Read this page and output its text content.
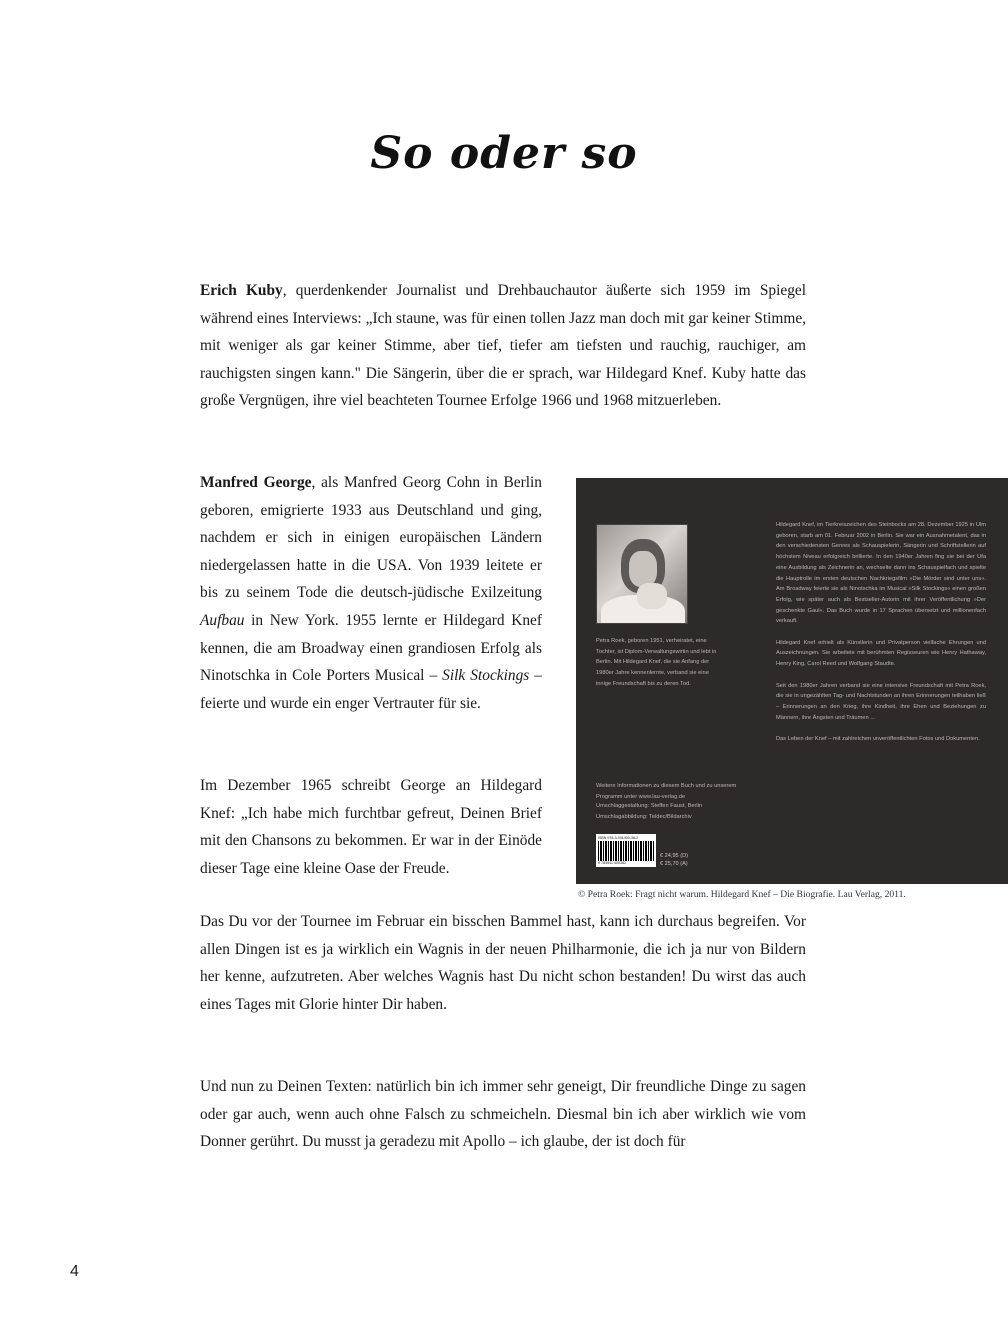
So oder so

Erich Kuby, querdenkender Journalist und Drehbauchautor äußerte sich 1959 im Spiegel während eines Interviews: „Ich staune, was für einen tollen Jazz man doch mit gar keiner Stimme, mit weniger als gar keiner Stimme, aber tief, tiefer am tiefsten und rauchig, rauchiger, am rauchigsten singen kann." Die Sängerin, über die er sprach, war Hildegard Knef. Kuby hatte das große Vergnügen, ihre viel beachteten Tournee Erfolge 1966 und 1968 mitzuerleben.

Manfred George, als Manfred Georg Cohn in Berlin geboren, emigrierte 1933 aus Deutschland und ging, nachdem er sich in einigen europäischen Ländern niedergelassen hatte in die USA. Von 1939 leitete er bis zu seinem Tode die deutsch-jüdische Exilzeitung Aufbau in New York. 1955 lernte er Hildegard Knef kennen, die am Broadway einen grandiosen Erfolg als Ninotschka in Cole Porters Musical – Silk Stockings – feierte und wurde ein enger Vertrauter für sie.

Im Dezember 1965 schreibt George an Hildegard Knef: „Ich habe mich furchtbar gefreut, Deinen Brief mit den Chansons zu bekommen. Er war in der Einöde dieser Tage eine kleine Oase der Freude.

Das Du vor der Tournee im Februar ein bisschen Bammel hast, kann ich durchaus begreifen. Vor allen Dingen ist es ja wirklich ein Wagnis in der neuen Philharmonie, die ich ja nur von Bildern her kenne, aufzutreten. Aber welches Wagnis hast Du nicht schon bestanden! Du wirst das auch eines Tages mit Glorie hinter Dir haben.

Und nun zu Deinen Texten: natürlich bin ich immer sehr geneigt, Dir freundliche Dinge zu sagen oder gar auch, wenn auch ohne Falsch zu schmeicheln. Diesmal bin ich aber wirklich wie vom Donner gerührt. Du musst ja geradezu mit Apollo – ich glaube, der ist doch für

Petra Roek, geboren 1951, verheiratet, eine Tochter, ist Diplom-Verwaltungswirtin und lebt in Berlin. Mit Hildegard Knef, die sie Anfang der 1980er Jahre kennenlernte, verband sie eine innige Freundschaft bis zu deren Tod.
Weitere Informationen zu diesem Buch und zu unserem Programm unter www.lau-verlag.de
Umschlaggestaltung: Steffen Faust, Berlin Umschlagabbildung: Teldec/Bildarchiv

Hildegard Knef, im Tierkreiszeichen des Steinbocks am 28. Dezember 1925 in Ulm geboren, starb am 01. Februar 2002 in Berlin. Sie war ein Ausnahmetalent, das in den verschiedensten Genres als Schauspielerin, Sängerin und Schriftstellerin auf höchstem Niveau erfolgreich brillierte. In den 1940er Jahren fing sie bei der Ufa eine Ausbildung als Zeichnerin an, wechselte dann ins Schauspielfach und spielte die Hauptrolle im ersten deutschen Nachkriegsfilm »Die Mörder sind unter uns«. Am Broadway feierte sie als Ninotschka im Musical »Silk Stockings« einen großen Erfolg, wie später auch als Bestseller-Autorin mit ihrer Veröffentlichung »Der geschenkte Gaul«. Das Buch wurde in 17 Sprachen übersetzt und millionenfach verkauft.

Hildegard Knef erhielt als Künstlerin und Privatperson vielfache Ehrungen und Auszeichnungen. Sie arbeitete mit berühmten Regisseuren wie Henry Hathaway, Henry King, Carol Reed und Wolfgang Staudte.

Seit den 1980er Jahren verband sie eine intensive Freundschaft mit Petra Roek, die sie in ungezählten Tag- und Nachtstunden an ihren Erinnerungen teilhaben ließ – Erinnerungen an den Krieg, ihre Kindheit, ihre Ehen und Beziehungen zu Männern, ihre Ängsten und Träumen ...

Das Leben der Knef – mit zahlreichen unveröffentlichten Fotos und Dokumenten.

ISBN 978-3-941400-38-2
9 783941 400382
€ 24,95 (D)
€ 25,70 (A)
© Petra Roek: Fragt nicht warum. Hildegard Knef – Die Biografie. Lau Verlag, 2011.
4
